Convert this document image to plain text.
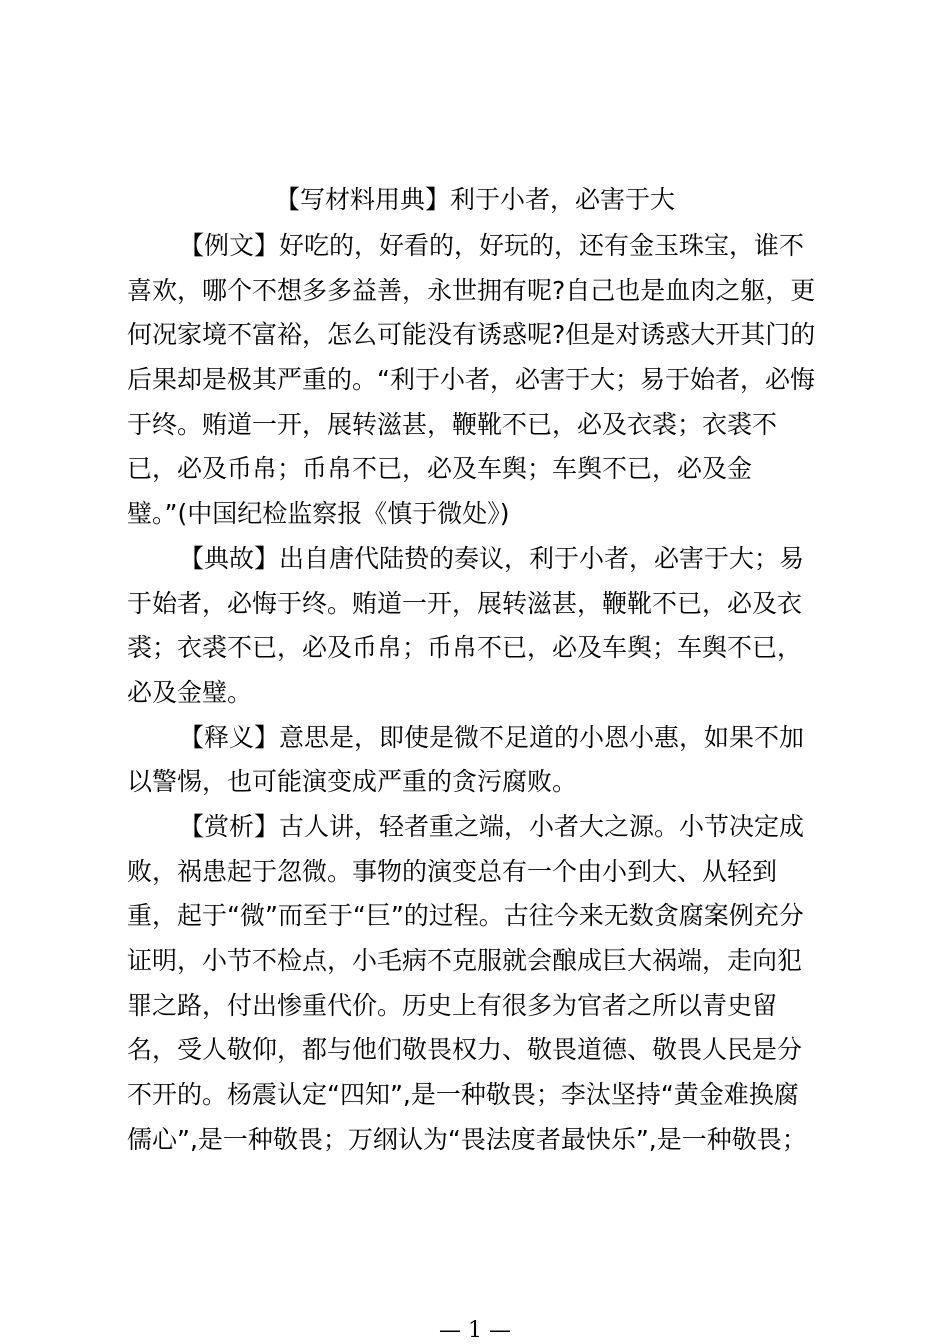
【写材料用典】利于小者，必害于大
【例文】好吃的，好看的，好玩的，还有金玉珠宝，谁不
喜欢，哪个不想多多益善，永世拥有呢?自己也是血肉之躯，更
何况家境不富裕，怎么可能没有诱惑呢?但是对诱惑大开其门的
后果却是极其严重的。“利于小者，必害于大；易于始者，必悔
于终。贿道一开，展转滋甚，鞭靴不已，必及衣裘；衣裘不
已，必及币帛；币帛不已，必及车舆；车舆不已，必及金
璧。”(中国纪检监察报《慎于微处》)
【典故】出自唐代陆贽的奏议，利于小者，必害于大；易
于始者，必悔于终。贿道一开，展转滋甚，鞭靴不已，必及衣
裘；衣裘不已，必及币帛；币帛不已，必及车舆；车舆不已，
必及金璧。
【释义】意思是，即使是微不足道的小恩小惠，如果不加
以警惕，也可能演变成严重的贪污腐败。
【赏析】古人讲，轻者重之端，小者大之源。小节决定成
败，祸患起于忽微。事物的演变总有一个由小到大、从轻到
重，起于“微”而至于“巨”的过程。古往今来无数贪腐案例充分
证明，小节不检点，小毛病不克服就会酿成巨大祸端，走向犯
罪之路，付出惨重代价。历史上有很多为官者之所以青史留
名，受人敬仰，都与他们敬畏权力、敬畏道德、敬畏人民是分
不开的。杨震认定“四知”,是一种敬畏；李汰坚持“黄金难换腐
儒心”,是一种敬畏；万纲认为“畏法度者最快乐”,是一种敬畏；
— 1 —
